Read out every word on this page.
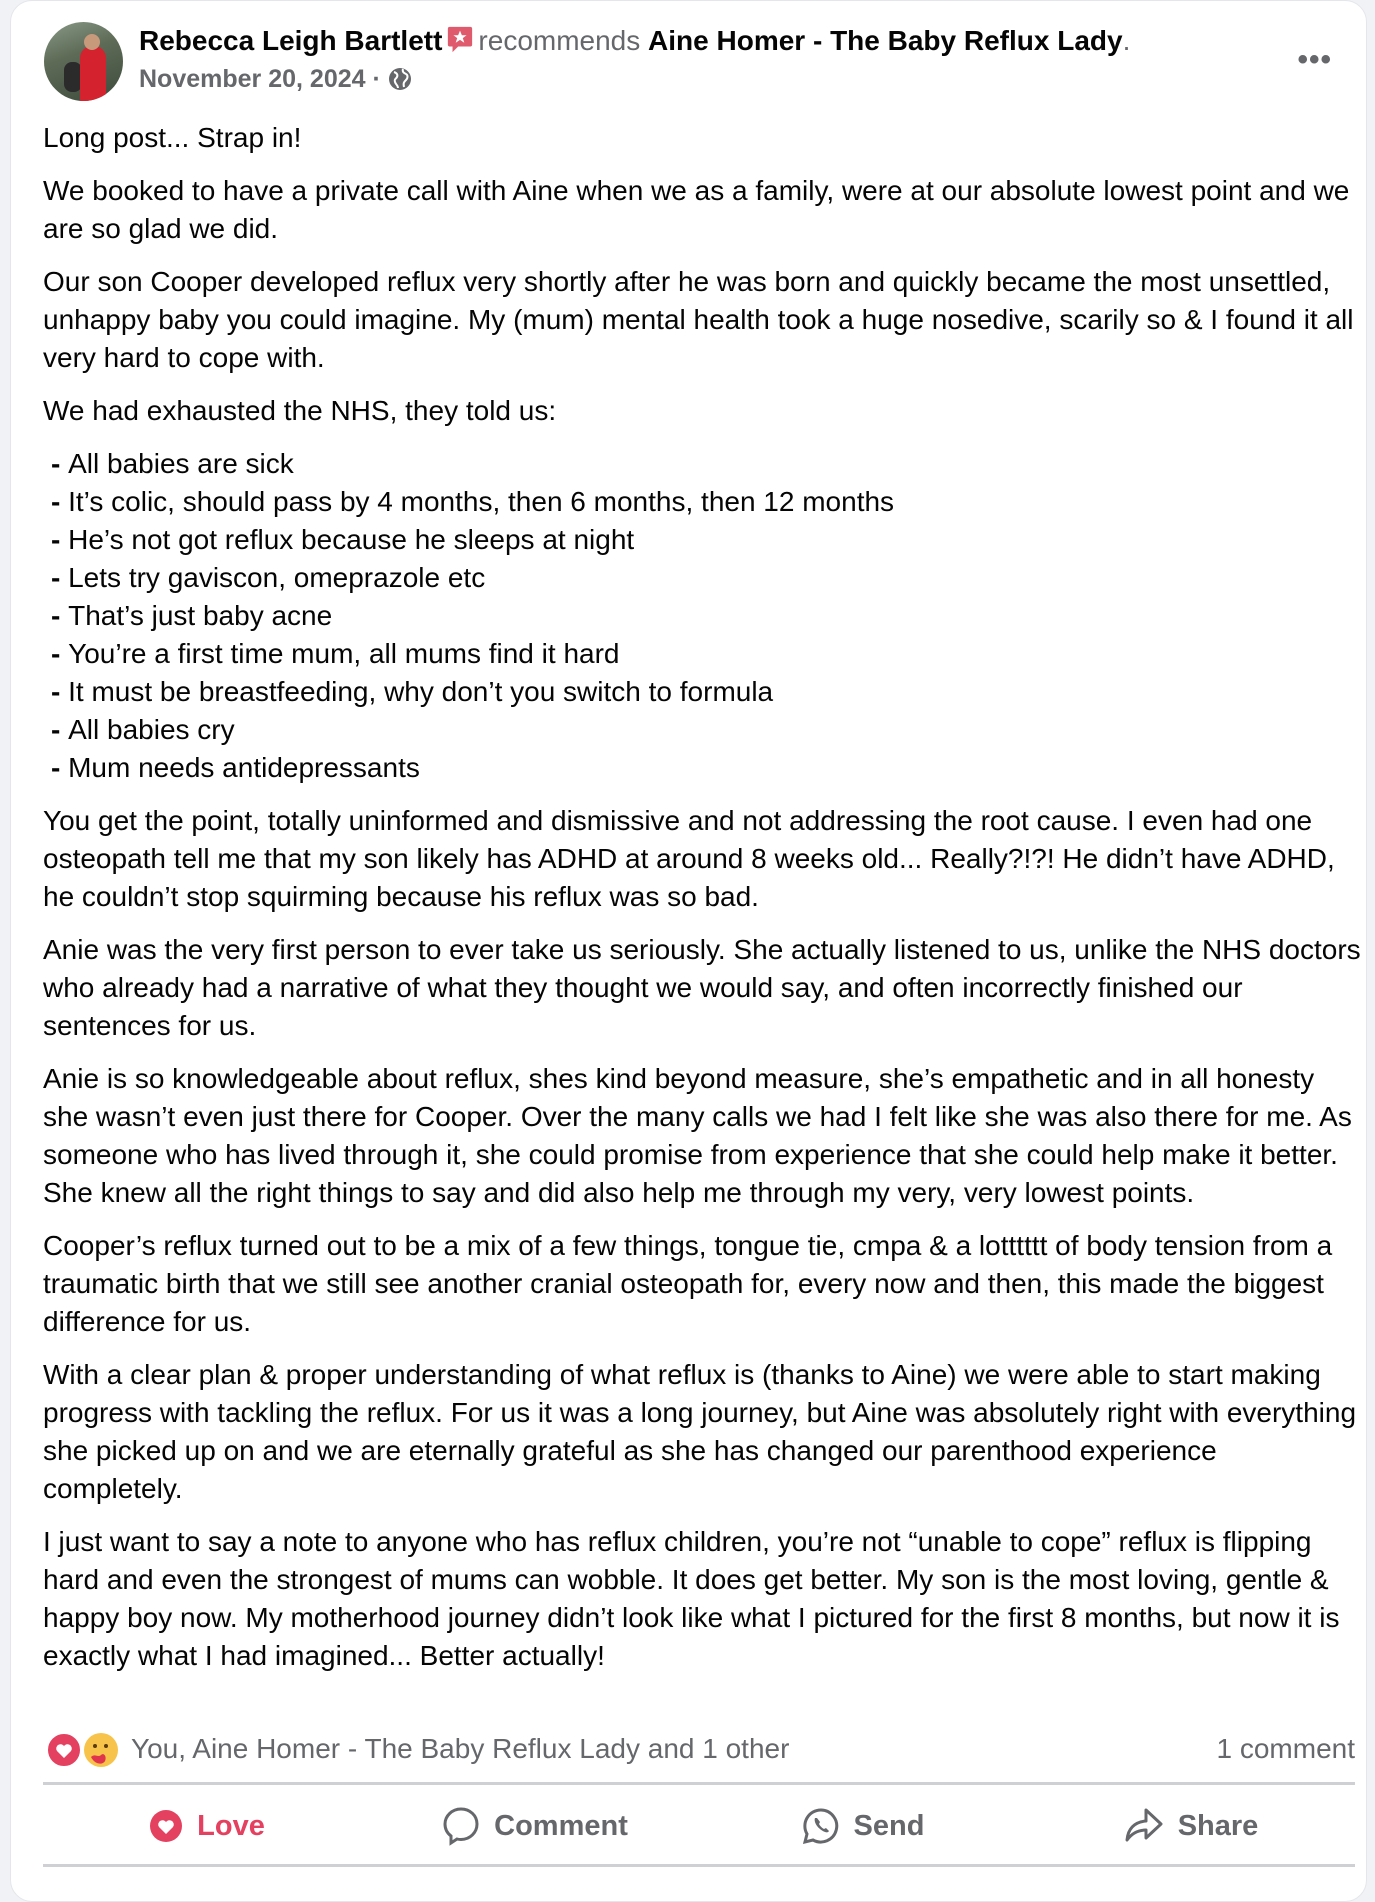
Rebecca Leigh Bartlett recommends Aine Homer - The Baby Reflux Lady.
November 20, 2024 ·
•••

Long post... Strap in!

We booked to have a private call with Aine when we as a family, were at our absolute lowest point and we are so glad we did.

Our son Cooper developed reflux very shortly after he was born and quickly became the most unsettled, unhappy baby you could imagine. My (mum) mental health took a huge nosedive, scarily so & I found it all very hard to cope with.

We had exhausted the NHS, they told us:

- All babies are sick
- It’s colic, should pass by 4 months, then 6 months, then 12 months
- He’s not got reflux because he sleeps at night
- Lets try gaviscon, omeprazole etc
- That’s just baby acne
- You’re a first time mum, all mums find it hard
- It must be breastfeeding, why don’t you switch to formula
- All babies cry
- Mum needs antidepressants

You get the point, totally uninformed and dismissive and not addressing the root cause. I even had one osteopath tell me that my son likely has ADHD at around 8 weeks old... Really?!?! He didn’t have ADHD, he couldn’t stop squirming because his reflux was so bad.

Anie was the very first person to ever take us seriously. She actually listened to us, unlike the NHS doctors who already had a narrative of what they thought we would say, and often incorrectly finished our sentences for us.

Anie is so knowledgeable about reflux, shes kind beyond measure, she’s empathetic and in all honesty she wasn’t even just there for Cooper. Over the many calls we had I felt like she was also there for me. As someone who has lived through it, she could promise from experience that she could help make it better. She knew all the right things to say and did also help me through my very, very lowest points.

Cooper’s reflux turned out to be a mix of a few things, tongue tie, cmpa & a lotttttt of body tension from a traumatic birth that we still see another cranial osteopath for, every now and then, this made the biggest difference for us.

With a clear plan & proper understanding of what reflux is (thanks to Aine) we were able to start making progress with tackling the reflux. For us it was a long journey, but Aine was absolutely right with everything she picked up on and we are eternally grateful as she has changed our parenthood experience completely.

I just want to say a note to anyone who has reflux children, you’re not “unable to cope” reflux is flipping hard and even the strongest of mums can wobble. It does get better. My son is the most loving, gentle & happy boy now. My motherhood journey didn’t look like what I pictured for the first 8 months, but now it is exactly what I had imagined... Better actually!

You, Aine Homer - The Baby Reflux Lady and 1 other	1 comment
Love	Comment	Send	Share
